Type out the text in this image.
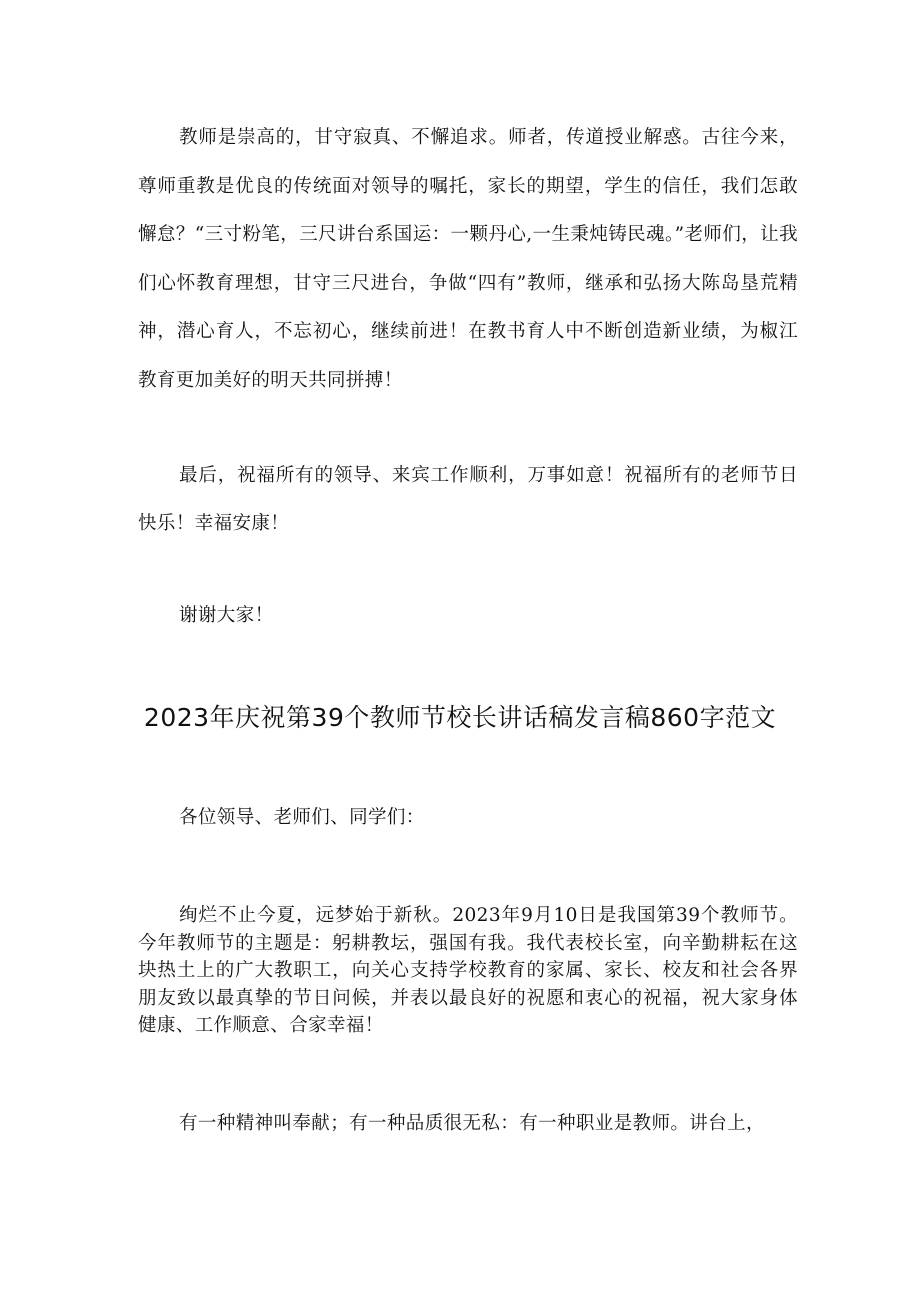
教师是崇高的，甘守寂真、不懈追求。师者，传道授业解惑。古往今来，尊师重教是优良的传统面对领导的嘱托，家长的期望，学生的信任，我们怎敢懈怠？“三寸粉笔，三尺讲台系国运：一颗丹心,一生秉炖铸民魂。”老师们，让我们心怀教育理想，甘守三尺进台，争做“四有”教师，继承和弘扬大陈岛垦荒精神，潜心育人，不忘初心，继续前进！在教书育人中不断创造新业绩，为椒江教育更加美好的明天共同拼搏！

最后，祝福所有的领导、来宾工作顺利，万事如意！祝福所有的老师节日快乐！幸福安康！

谢谢大家！

2023年庆祝第39个教师节校长讲话稿发言稿860字范文

各位领导、老师们、同学们：

绚烂不止今夏，远梦始于新秋。2023年9月10日是我国第39个教师节。今年教师节的主题是：躬耕教坛，强国有我。我代表校长室，向辛勤耕耘在这块热土上的广大教职工，向关心支持学校教育的家属、家长、校友和社会各界朋友致以最真挚的节日问候，并表以最良好的祝愿和衷心的祝福，祝大家身体健康、工作顺意、合家幸福！

有一种精神叫奉献；有一种品质很无私：有一种职业是教师。讲台上，
